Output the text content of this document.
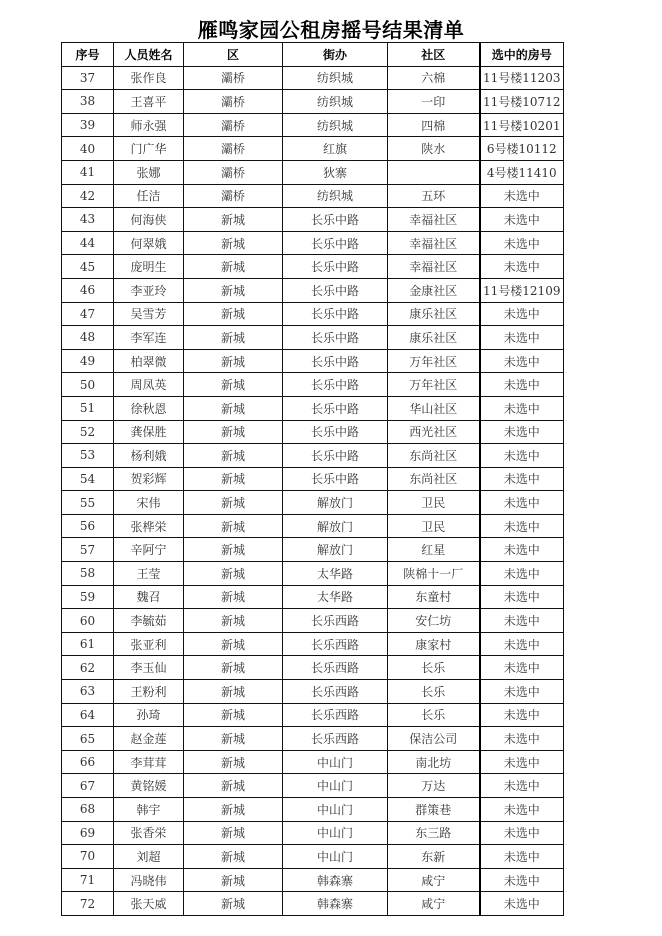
雁鸣家园公租房摇号结果清单
序号	人员姓名	区	街办	社区	选中的房号
37	张作良	灞桥	纺织城	六棉	11号楼11203
38	王喜平	灞桥	纺织城	一印	11号楼10712
39	师永强	灞桥	纺织城	四棉	11号楼10201
40	门广华	灞桥	红旗	陕水	6号楼10112
41	张娜	灞桥	狄寨		4号楼11410
42	任洁	灞桥	纺织城	五环	未选中
43	何海侠	新城	长乐中路	幸福社区	未选中
44	何翠娥	新城	长乐中路	幸福社区	未选中
45	庞明生	新城	长乐中路	幸福社区	未选中
46	李亚玲	新城	长乐中路	金康社区	11号楼12109
47	吴雪芳	新城	长乐中路	康乐社区	未选中
48	李军连	新城	长乐中路	康乐社区	未选中
49	柏翠微	新城	长乐中路	万年社区	未选中
50	周凤英	新城	长乐中路	万年社区	未选中
51	徐秋恩	新城	长乐中路	华山社区	未选中
52	龚保胜	新城	长乐中路	西光社区	未选中
53	杨利娥	新城	长乐中路	东尚社区	未选中
54	贺彩辉	新城	长乐中路	东尚社区	未选中
55	宋伟	新城	解放门	卫民	未选中
56	张桦栄	新城	解放门	卫民	未选中
57	辛阿宁	新城	解放门	红星	未选中
58	王莹	新城	太华路	陕棉十一厂	未选中
59	魏召	新城	太华路	东童村	未选中
60	李毓茹	新城	长乐西路	安仁坊	未选中
61	张亚利	新城	长乐西路	康家村	未选中
62	李玉仙	新城	长乐西路	长乐	未选中
63	王粉利	新城	长乐西路	长乐	未选中
64	孙琦	新城	长乐西路	长乐	未选中
65	赵金莲	新城	长乐西路	保洁公司	未选中
66	李茸茸	新城	中山门	南北坊	未选中
67	黄铭媛	新城	中山门	万达	未选中
68	韩宇	新城	中山门	群策巷	未选中
69	张香栄	新城	中山门	东三路	未选中
70	刘超	新城	中山门	东新	未选中
71	冯晓伟	新城	韩森寨	咸宁	未选中
72	张天威	新城	韩森寨	咸宁	未选中
